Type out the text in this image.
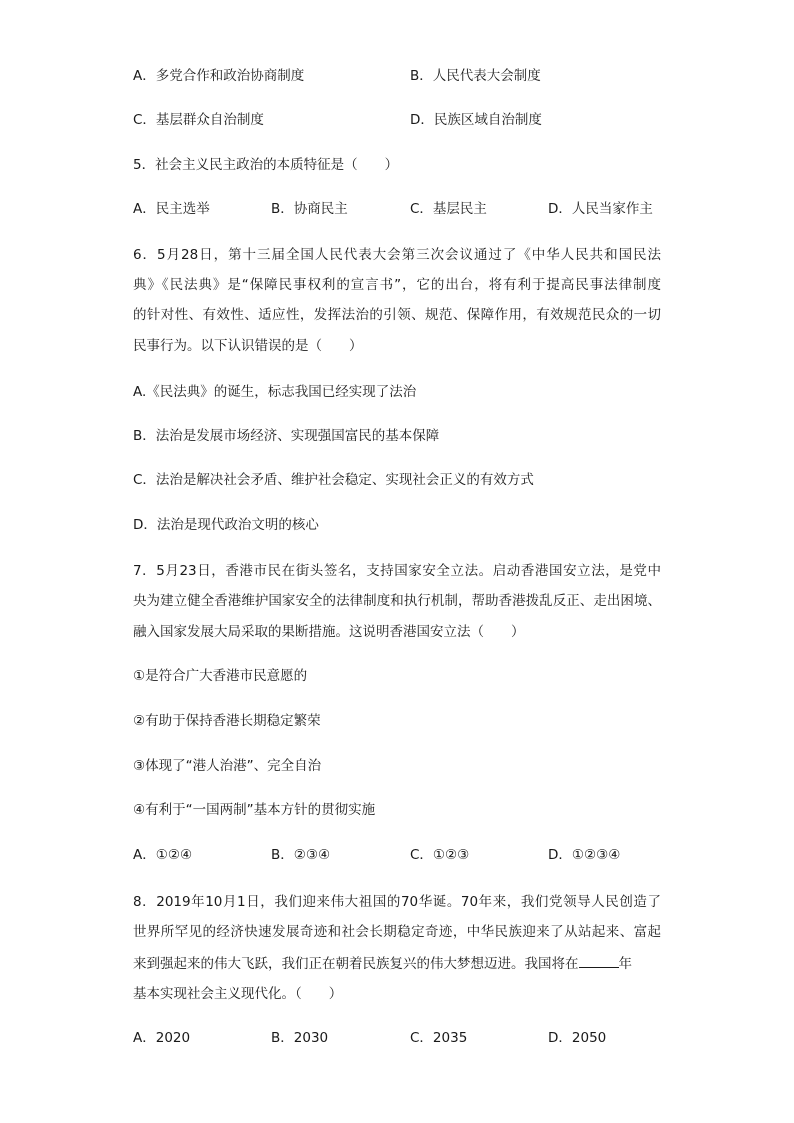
A．多党合作和政治协商制度	B．人民代表大会制度
C．基层群众自治制度	D．民族区域自治制度
5．社会主义民主政治的本质特征是（　　）
A．民主选举	B．协商民主	C．基层民主	D．人民当家作主
6．5月28日，第十三届全国人民代表大会第三次会议通过了《中华人民共和国民法
典》《民法典》是“保障民事权利的宣言书”，它的出台，将有利于提高民事法律制度
的针对性、有效性、适应性，发挥法治的引领、规范、保障作用，有效规范民众的一切
民事行为。以下认识错误的是（　　）
A.《民法典》的诞生，标志我国已经实现了法治
B．法治是发展市场经济、实现强国富民的基本保障
C．法治是解决社会矛盾、维护社会稳定、实现社会正义的有效方式
D．法治是现代政治文明的核心
7．5月23日，香港市民在街头签名，支持国家安全立法。启动香港国安立法，是党中
央为建立健全香港维护国家安全的法律制度和执行机制，帮助香港拨乱反正、走出困境、
融入国家发展大局采取的果断措施。这说明香港国安立法（　　）
①是符合广大香港市民意愿的
②有助于保持香港长期稳定繁荣
③体现了“港人治港”、完全自治
④有利于“一国两制”基本方针的贯彻实施
A．①②④	B．②③④	C．①②③	D．①②③④
8．2019年10月1日，我们迎来伟大祖国的70华诞。70年来，我们党领导人民创造了
世界所罕见的经济快速发展奇迹和社会长期稳定奇迹，中华民族迎来了从站起来、富起
来到强起来的伟大飞跃，我们正在朝着民族复兴的伟大梦想迈进。我国将在	年
基本实现社会主义现代化。（　　）
A．2020	B．2030	C．2035	D．2050
